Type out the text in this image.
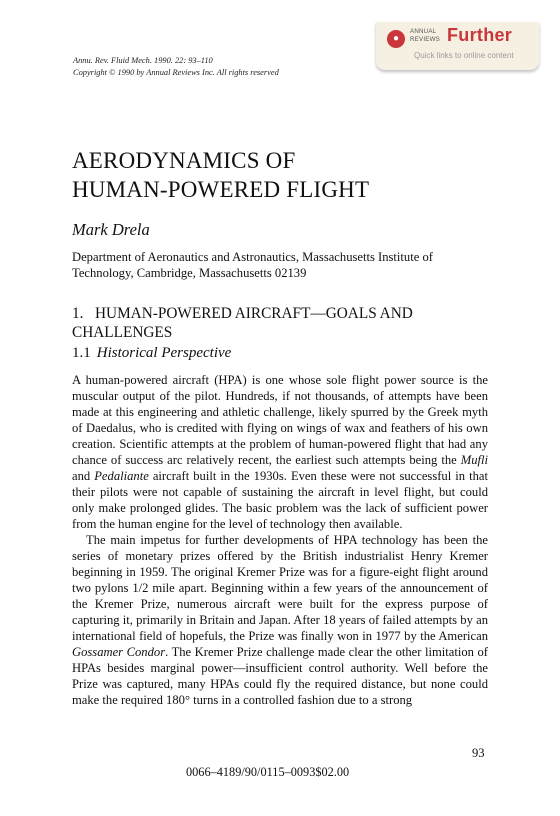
Annu. Rev. Fluid Mech. 1990. 22: 93–110
Copyright © 1990 by Annual Reviews Inc. All rights reserved
●
ANNUAL
REVIEWS Further
Quick links to online content
AERODYNAMICS OF
HUMAN-POWERED FLIGHT
Mark Drela
Department of Aeronautics and Astronautics, Massachusetts Institute of Technology, Cambridge, Massachusetts 02139
1. HUMAN-POWERED AIRCRAFT—GOALS AND CHALLENGES
1.1 Historical Perspective

A human-powered aircraft (HPA) is one whose sole flight power source is the muscular output of the pilot. Hundreds, if not thousands, of attempts have been made at this engineering and athletic challenge, likely spurred by the Greek myth of Daedalus, who is credited with flying on wings of wax and feathers of his own creation. Scientific attempts at the problem of human-powered flight that had any chance of success arc relatively recent, the earliest such attempts being the Mufli and Pedaliante aircraft built in the 1930s. Even these were not successful in that their pilots were not capable of sustaining the aircraft in level flight, but could only make prolonged glides. The basic problem was the lack of sufficient power from the human engine for the level of technology then available.

The main impetus for further developments of HPA technology has been the series of monetary prizes offered by the British industrialist Henry Kremer beginning in 1959. The original Kremer Prize was for a figure-eight flight around two pylons 1/2 mile apart. Beginning within a few years of the announcement of the Kremer Prize, numerous aircraft were built for the express purpose of capturing it, primarily in Britain and Japan. After 18 years of failed attempts by an international field of hopefuls, the Prize was finally won in 1977 by the American Gossamer Condor. The Kremer Prize challenge made clear the other limitation of HPAs besides marginal power—insufficient control authority. Well before the Prize was captured, many HPAs could fly the required distance, but none could make the required 180° turns in a controlled fashion due to a strong

93
0066–4189/90/0115–0093$02.00
